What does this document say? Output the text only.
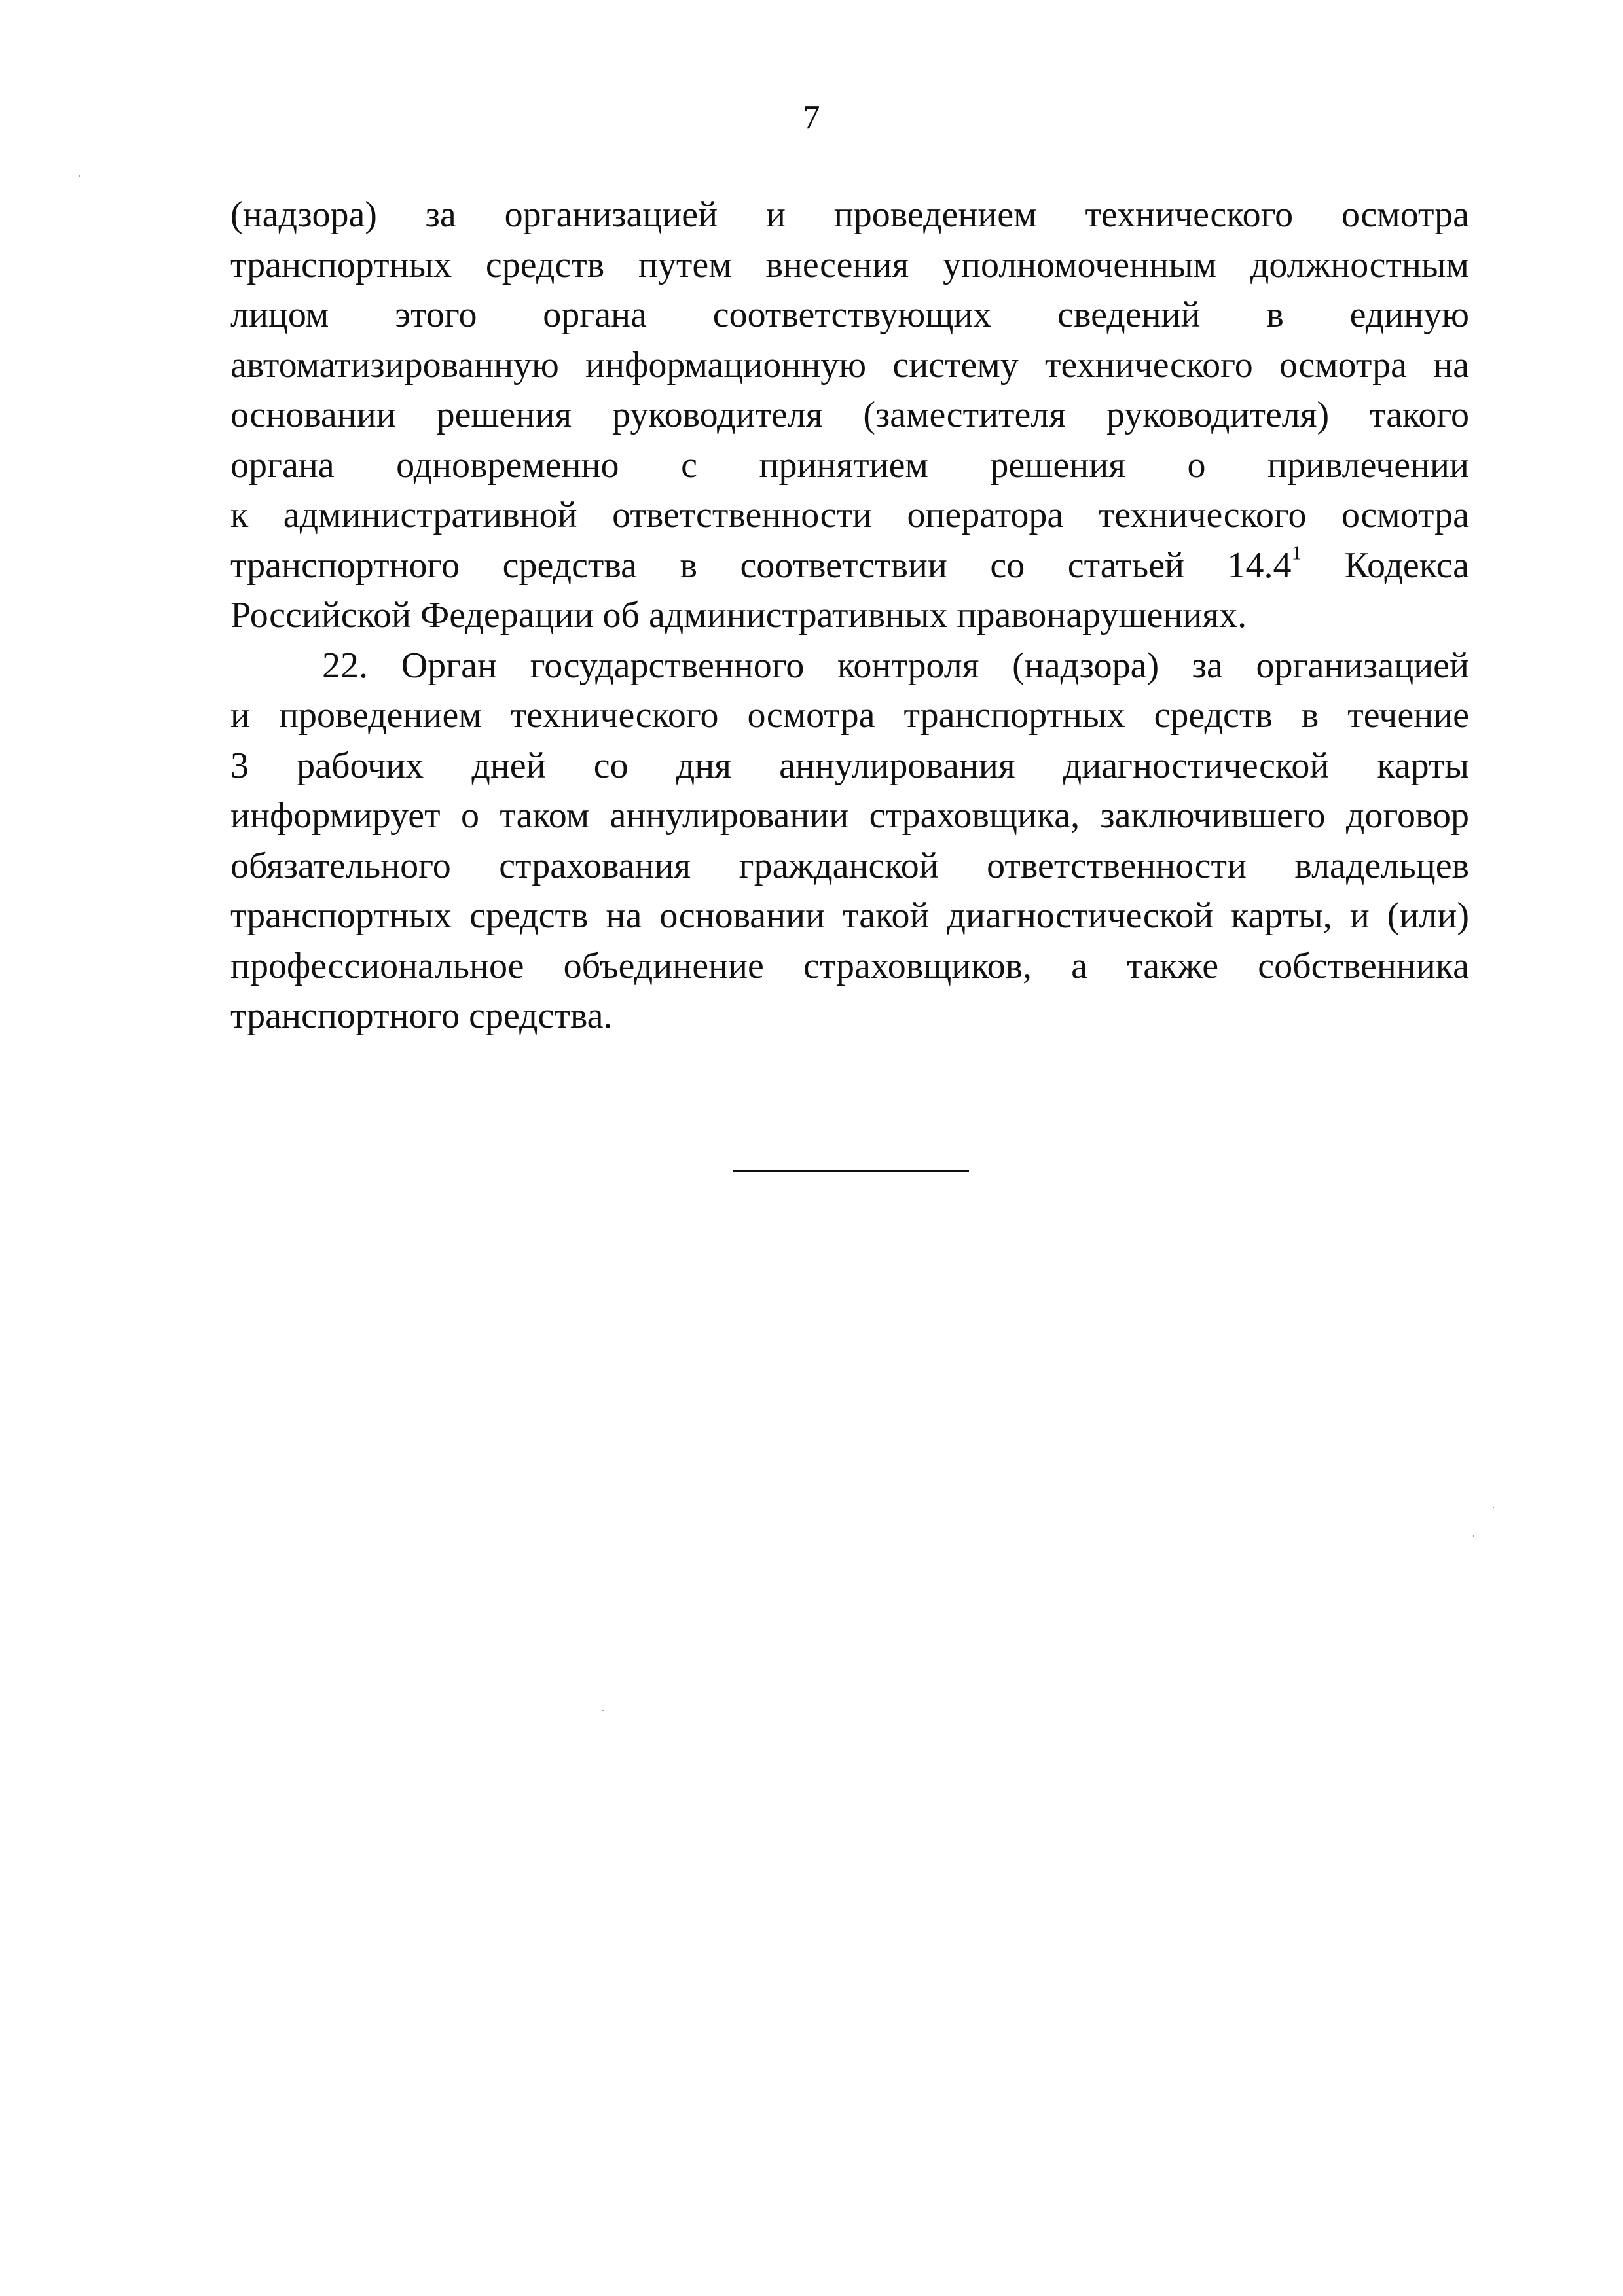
7
(надзора) за организацией и проведением технического осмотра
транспортных средств путем внесения уполномоченным должностным
лицом этого органа соответствующих сведений в единую
автоматизированную информационную систему технического осмотра на
основании решения руководителя (заместителя руководителя) такого
органа одновременно с принятием решения о привлечении
к административной ответственности оператора технического осмотра
транспортного средства в соответствии со статьей 14.4$^1$ Кодекса
Российской Федерации об административных правонарушениях.
22. Орган государственного контроля (надзора) за организацией
и проведением технического осмотра транспортных средств в течение
3 рабочих дней со дня аннулирования диагностической карты
информирует о таком аннулировании страховщика, заключившего договор
обязательного страхования гражданской ответственности владельцев
транспортных средств на основании такой диагностической карты, и (или)
профессиональное объединение страховщиков, а также собственника
транспортного средства.
